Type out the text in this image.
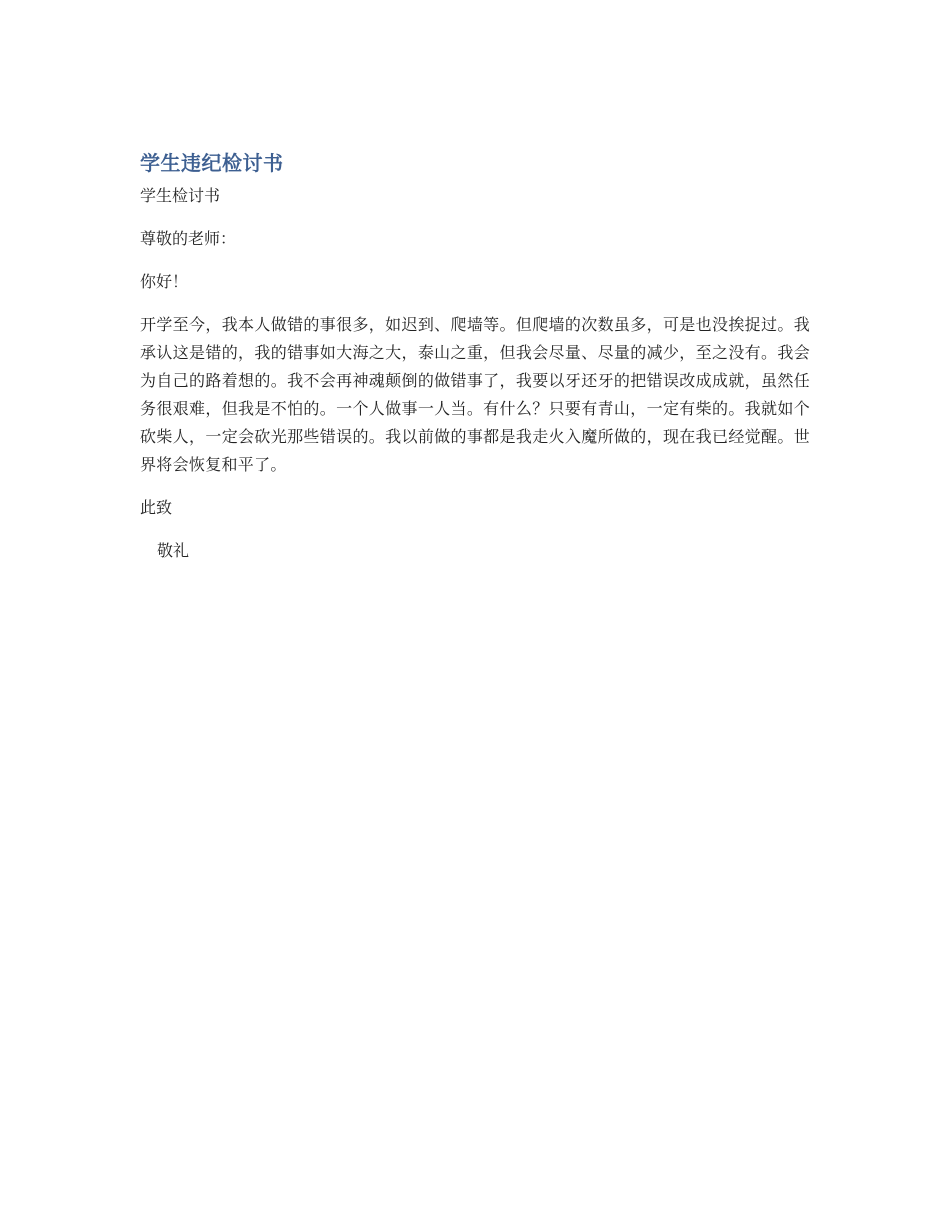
学生违纪检讨书

学生检讨书

尊敬的老师：

你好！

开学至今，我本人做错的事很多，如迟到、爬墙等。但爬墙的次数虽多，可是也没挨捉过。我承认这是错的，我的错事如大海之大，泰山之重，但我会尽量、尽量的减少，至之没有。我会为自己的路着想的。我不会再神魂颠倒的做错事了，我要以牙还牙的把错误改成成就，虽然任务很艰难，但我是不怕的。一个人做事一人当。有什么？只要有青山，一定有柴的。我就如个砍柴人，一定会砍光那些错误的。我以前做的事都是我走火入魔所做的，现在我已经觉醒。世界将会恢复和平了。

此致

敬礼
